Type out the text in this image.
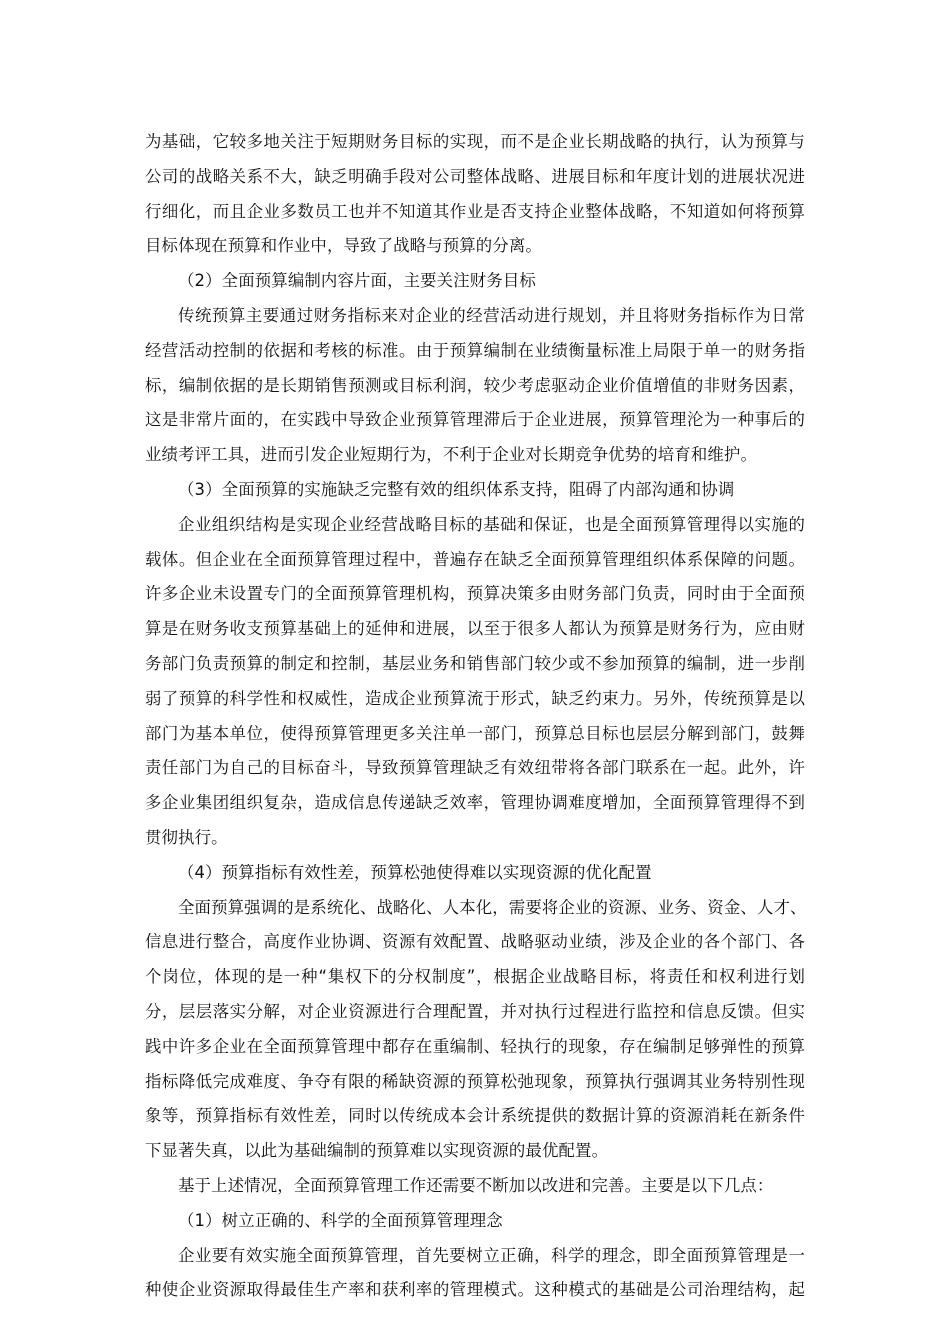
为基础，它较多地关注于短期财务目标的实现，而不是企业长期战略的执行，认为预算与
公司的战略关系不大，缺乏明确手段对公司整体战略、进展目标和年度计划的进展状况进
行细化，而且企业多数员工也并不知道其作业是否支持企业整体战略，不知道如何将预算
目标体现在预算和作业中，导致了战略与预算的分离。
（2）全面预算编制内容片面，主要关注财务目标
传统预算主要通过财务指标来对企业的经营活动进行规划，并且将财务指标作为日常
经营活动控制的依据和考核的标准。由于预算编制在业绩衡量标准上局限于单一的财务指
标，编制依据的是长期销售预测或目标利润，较少考虑驱动企业价值增值的非财务因素，
这是非常片面的，在实践中导致企业预算管理滞后于企业进展，预算管理沦为一种事后的
业绩考评工具，进而引发企业短期行为，不利于企业对长期竞争优势的培育和维护。
（3）全面预算的实施缺乏完整有效的组织体系支持，阻碍了内部沟通和协调
企业组织结构是实现企业经营战略目标的基础和保证，也是全面预算管理得以实施的
载体。但企业在全面预算管理过程中，普遍存在缺乏全面预算管理组织体系保障的问题。
许多企业未设置专门的全面预算管理机构，预算决策多由财务部门负责，同时由于全面预
算是在财务收支预算基础上的延伸和进展，以至于很多人都认为预算是财务行为，应由财
务部门负责预算的制定和控制，基层业务和销售部门较少或不参加预算的编制，进一步削
弱了预算的科学性和权威性，造成企业预算流于形式，缺乏约束力。另外，传统预算是以
部门为基本单位，使得预算管理更多关注单一部门，预算总目标也层层分解到部门，鼓舞
责任部门为自己的目标奋斗，导致预算管理缺乏有效纽带将各部门联系在一起。此外，许
多企业集团组织复杂，造成信息传递缺乏效率，管理协调难度增加，全面预算管理得不到
贯彻执行。
（4）预算指标有效性差，预算松弛使得难以实现资源的优化配置
全面预算强调的是系统化、战略化、人本化，需要将企业的资源、业务、资金、人才、
信息进行整合，高度作业协调、资源有效配置、战略驱动业绩，涉及企业的各个部门、各
个岗位，体现的是一种“集权下的分权制度”，根据企业战略目标，将责任和权利进行划
分，层层落实分解，对企业资源进行合理配置，并对执行过程进行监控和信息反馈。但实
践中许多企业在全面预算管理中都存在重编制、轻执行的现象，存在编制足够弹性的预算
指标降低完成难度、争夺有限的稀缺资源的预算松弛现象，预算执行强调其业务特别性现
象等，预算指标有效性差，同时以传统成本会计系统提供的数据计算的资源消耗在新条件
下显著失真，以此为基础编制的预算难以实现资源的最优配置。
基于上述情况，全面预算管理工作还需要不断加以改进和完善。主要是以下几点：
（1）树立正确的、科学的全面预算管理理念
企业要有效实施全面预算管理，首先要树立正确，科学的理念，即全面预算管理是一
种使企业资源取得最佳生产率和获利率的管理模式。这种模式的基础是公司治理结构，起
